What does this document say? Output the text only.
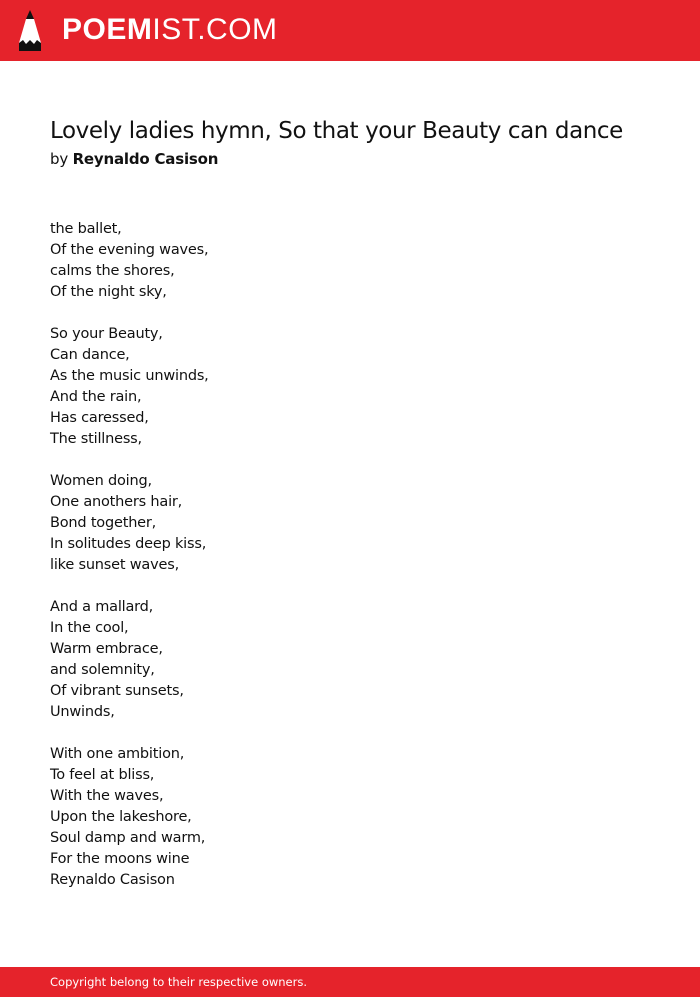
POEMIST.COM
Lovely ladies hymn, So that your Beauty can dance
by Reynaldo Casison
the ballet,
Of the evening waves,
calms the shores,
Of the night sky,
So your Beauty,
Can dance,
As the music unwinds,
And the rain,
Has caressed,
The stillness,
Women doing,
One anothers hair,
Bond together,
In solitudes deep kiss,
like sunset waves,
And a mallard,
In the cool,
Warm embrace,
and solemnity,
Of vibrant sunsets,
Unwinds,
With one ambition,
To feel at bliss,
With the waves,
Upon the lakeshore,
Soul damp and warm,
For the moons wine
Reynaldo Casison
Copyright belong to their respective owners.
